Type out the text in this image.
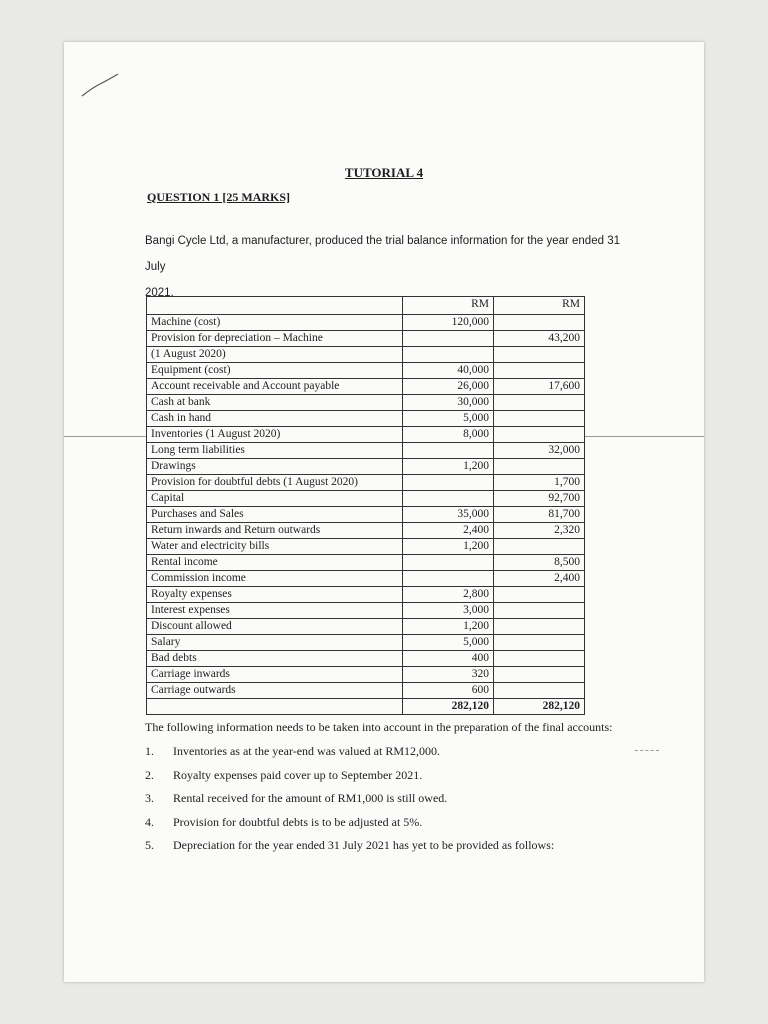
TUTORIAL 4
QUESTION 1 [25 MARKS]
Bangi Cycle Ltd, a manufacturer, produced the trial balance information for the year ended 31 July
2021.
	RM	RM
Machine (cost)	120,000	
Provision for depreciation – Machine		43,200
(1 August 2020)		
Equipment (cost)	40,000	
Account receivable and Account payable	26,000	17,600
Cash at bank	30,000	
Cash in hand	5,000	
Inventories (1 August 2020)	8,000	
Long term liabilities		32,000
Drawings	1,200	
Provision for doubtful debts (1 August 2020)		1,700
Capital		92,700
Purchases and Sales	35,000	81,700
Return inwards and Return outwards	2,400	2,320
Water and electricity bills	1,200	
Rental income		8,500
Commission income		2,400
Royalty expenses	2,800	
Interest expenses	3,000	
Discount allowed	1,200	
Salary	5,000	
Bad debts	400	
Carriage inwards	320	
Carriage outwards	600	
	282,120	282,120
The following information needs to be taken into account in the preparation of the final accounts:
1.	Inventories as at the year-end was valued at RM12,000.
2.	Royalty expenses paid cover up to September 2021.
3.	Rental received for the amount of RM1,000 is still owed.
4.	Provision for doubtful debts is to be adjusted at 5%.
5.	Depreciation for the year ended 31 July 2021 has yet to be provided as follows:
